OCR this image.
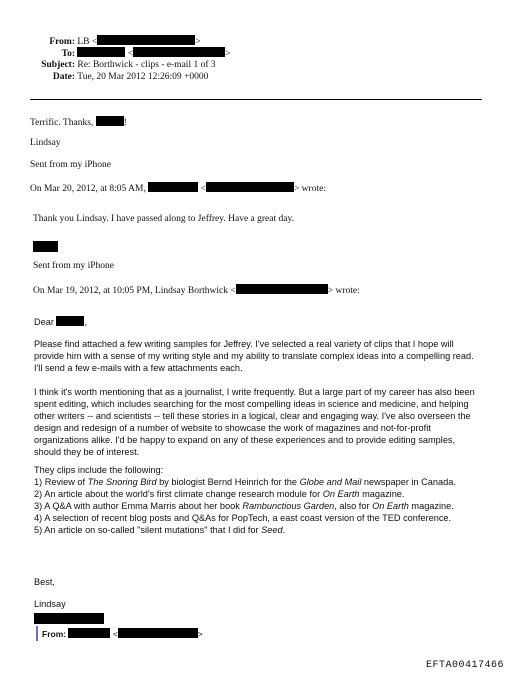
From: LB <	>
To:	<	>
Subject: Re: Borthwick - clips - e-mail 1 of 3
Date: Tue, 20 Mar 2012 12:26:09 +0000
Terrific. Thanks,	!
Lindsay
Sent from my iPhone
On Mar 20, 2012, at 8:05 AM,	<	> wrote:
Thank you Lindsay. I have passed along to Jeffrey. Have a great day.
Sent from my iPhone
On Mar 19, 2012, at 10:05 PM, Lindsay Borthwick <	> wrote:
Dear	,
Please find attached a few writing samples for Jeffrey. I've selected a real variety of clips that I hope will provide him with a sense of my writing style and my ability to translate complex ideas into a compelling read. I'll send a few e-mails with a few attachments each.
I think it's worth mentioning that as a journalist, I write frequently. But a large part of my career has also been spent editing, which includes searching for the most compelling ideas in science and medicine, and helping other writers -- and scientists -- tell these stories in a logical, clear and engaging way. I've also overseen the design and redesign of a number of website to showcase the work of magazines and not-for-profit organizations alike. I'd be happy to expand on any of these experiences and to provide editing samples, should they be of interest.
They clips include the following:
1) Review of The Snoring Bird by biologist Bernd Heinrich for the Globe and Mail newspaper in Canada.
2) An article about the world's first climate change research module for On Earth magazine.
3) A Q&A with author Emma Marris about her book Rambunctious Garden, also for On Earth magazine.
4) A selection of recent blog posts and Q&As for PopTech, a east coast version of the TED conference.
5) An article on so-called "silent mutations" that I did for Seed.
Best,
Lindsay
From:	<	>
EFTA00417466
